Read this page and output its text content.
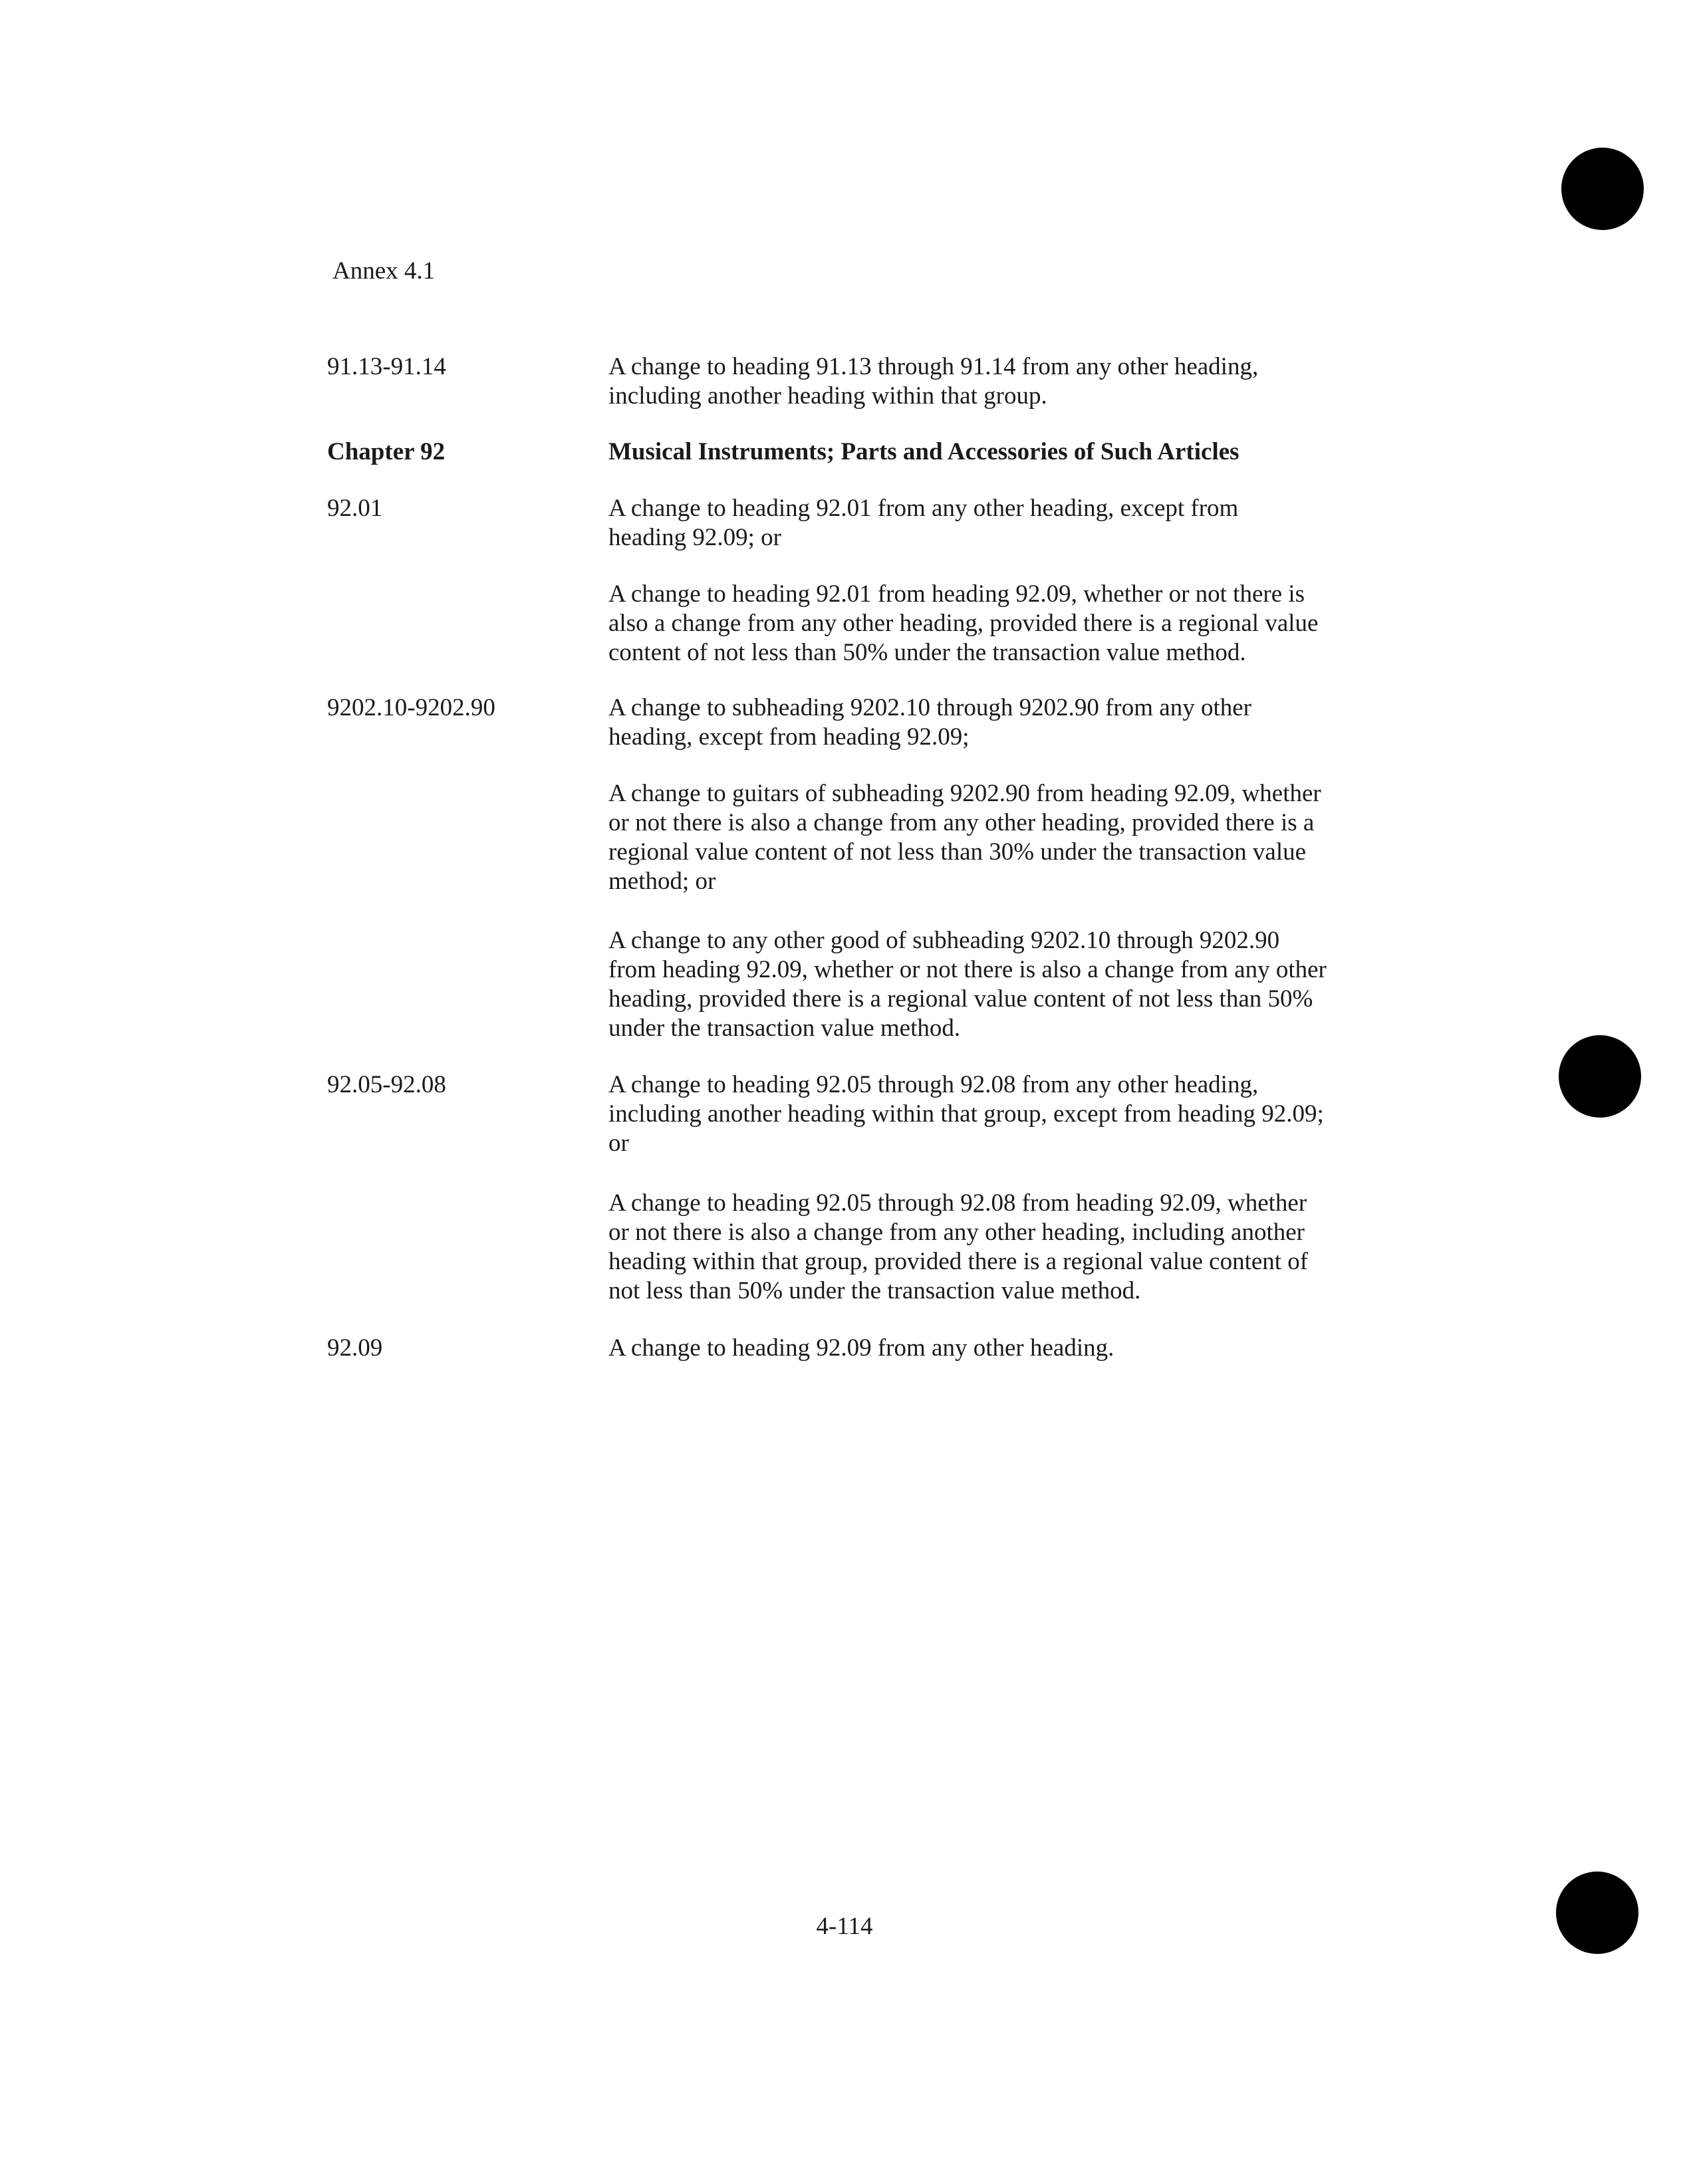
Annex 4.1
91.13-91.14	A change to heading 91.13 through 91.14 from any other heading,

including another heading within that group.

Chapter 92	Musical Instruments; Parts and Accessories of Such Articles

92.01	A change to heading 92.01 from any other heading, except from

heading 92.09; or

A change to heading 92.01 from heading 92.09, whether or not there is

also a change from any other heading, provided there is a regional value

content of not less than 50% under the transaction value method.

9202.10-9202.90	A change to subheading 9202.10 through 9202.90 from any other

heading, except from heading 92.09;

A change to guitars of subheading 9202.90 from heading 92.09, whether

or not there is also a change from any other heading, provided there is a

regional value content of not less than 30% under the transaction value

method; or

A change to any other good of subheading 9202.10 through 9202.90

from heading 92.09, whether or not there is also a change from any other

heading, provided there is a regional value content of not less than 50%

under the transaction value method.

92.05-92.08	A change to heading 92.05 through 92.08 from any other heading,

including another heading within that group, except from heading 92.09;

or

A change to heading 92.05 through 92.08 from heading 92.09, whether

or not there is also a change from any other heading, including another

heading within that group, provided there is a regional value content of

not less than 50% under the transaction value method.

92.09	A change to heading 92.09 from any other heading.

4-114
